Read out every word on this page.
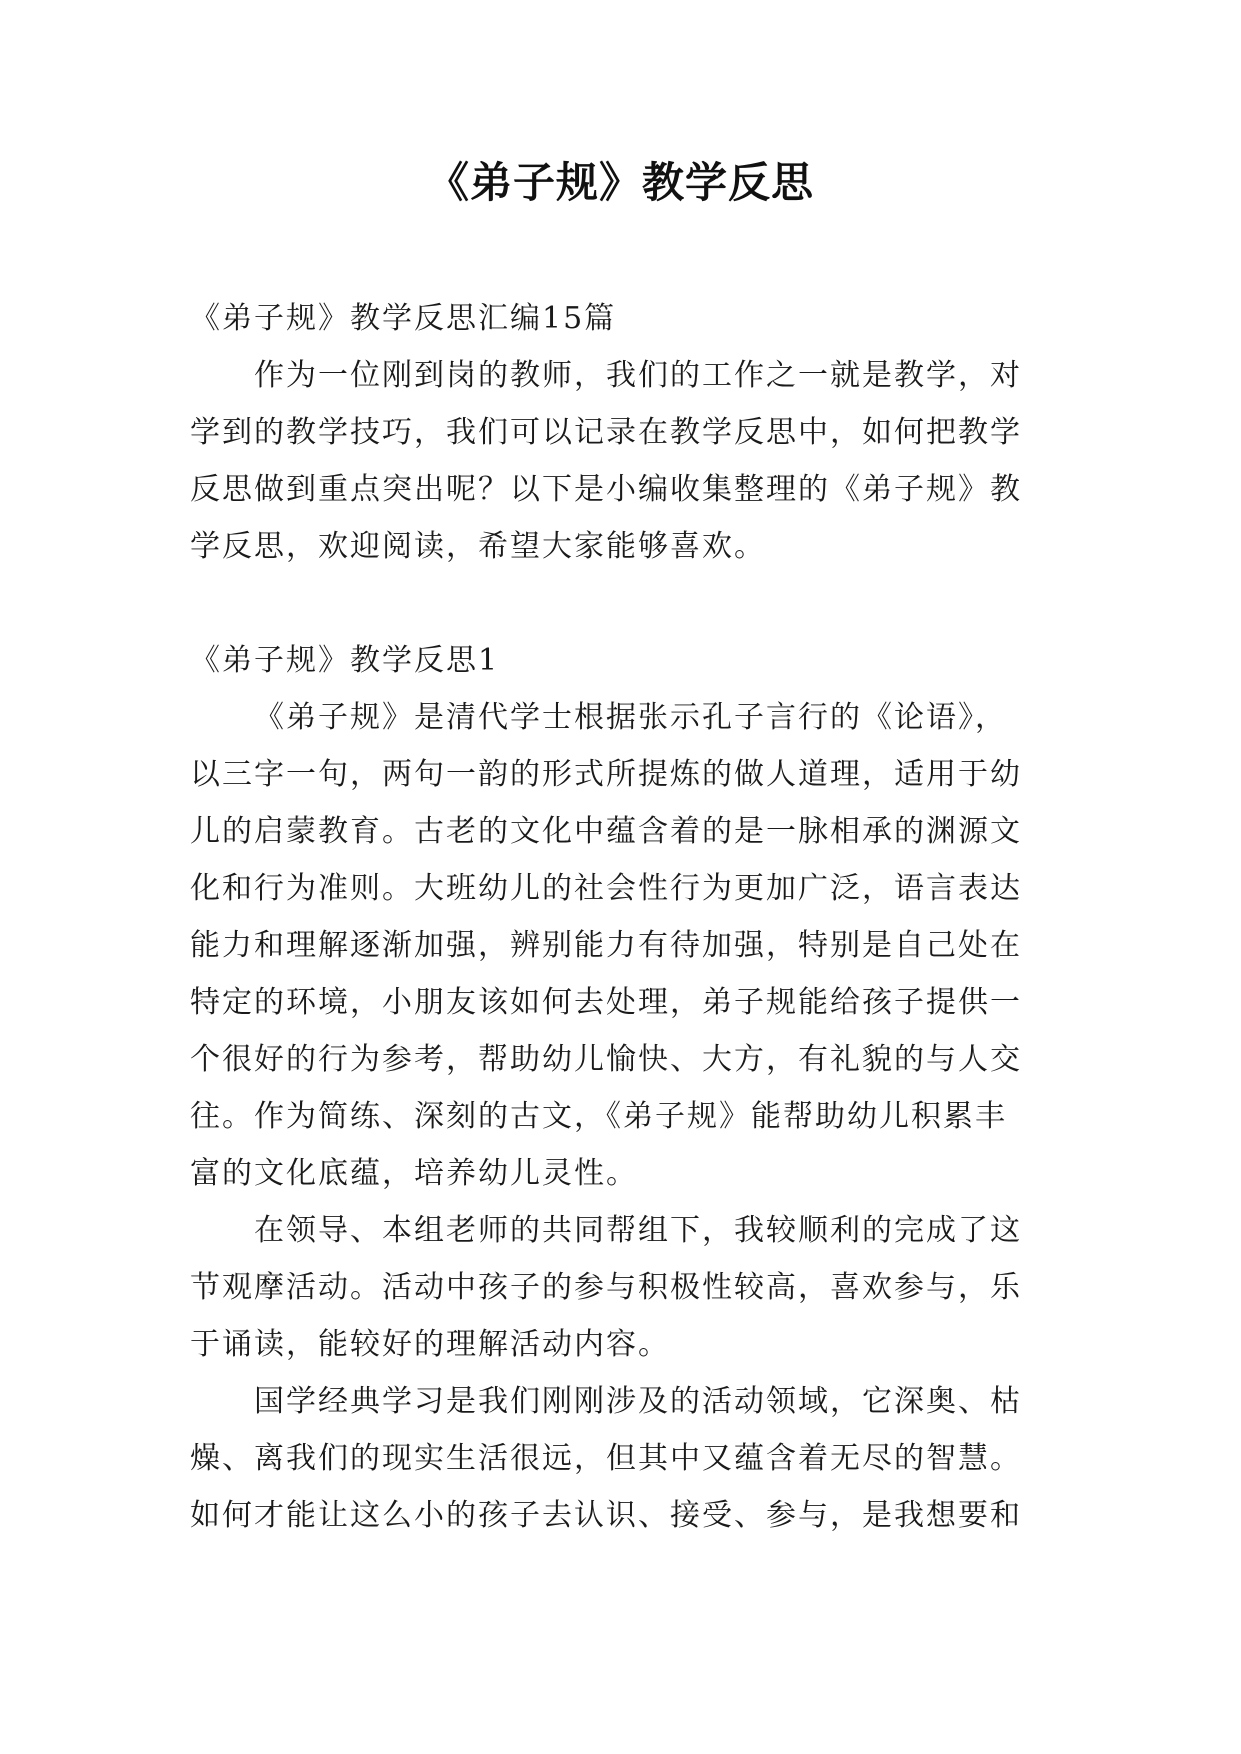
《弟子规》教学反思
《弟子规》教学反思汇编15篇
作为一位刚到岗的教师，我们的工作之一就是教学，对
学到的教学技巧，我们可以记录在教学反思中，如何把教学
反思做到重点突出呢？以下是小编收集整理的《弟子规》教
学反思，欢迎阅读，希望大家能够喜欢。
《弟子规》教学反思1
《弟子规》是清代学士根据张示孔子言行的《论语》，
以三字一句，两句一韵的形式所提炼的做人道理，适用于幼
儿的启蒙教育。古老的文化中蕴含着的是一脉相承的渊源文
化和行为准则。大班幼儿的社会性行为更加广泛，语言表达
能力和理解逐渐加强，辨别能力有待加强，特别是自己处在
特定的环境，小朋友该如何去处理，弟子规能给孩子提供一
个很好的行为参考，帮助幼儿愉快、大方，有礼貌的与人交
往。作为简练、深刻的古文，《弟子规》能帮助幼儿积累丰
富的文化底蕴，培养幼儿灵性。
在领导、本组老师的共同帮组下，我较顺利的完成了这
节观摩活动。活动中孩子的参与积极性较高，喜欢参与，乐
于诵读，能较好的理解活动内容。
国学经典学习是我们刚刚涉及的活动领域，它深奥、枯
燥、离我们的现实生活很远，但其中又蕴含着无尽的智慧。
如何才能让这么小的孩子去认识、接受、参与，是我想要和
